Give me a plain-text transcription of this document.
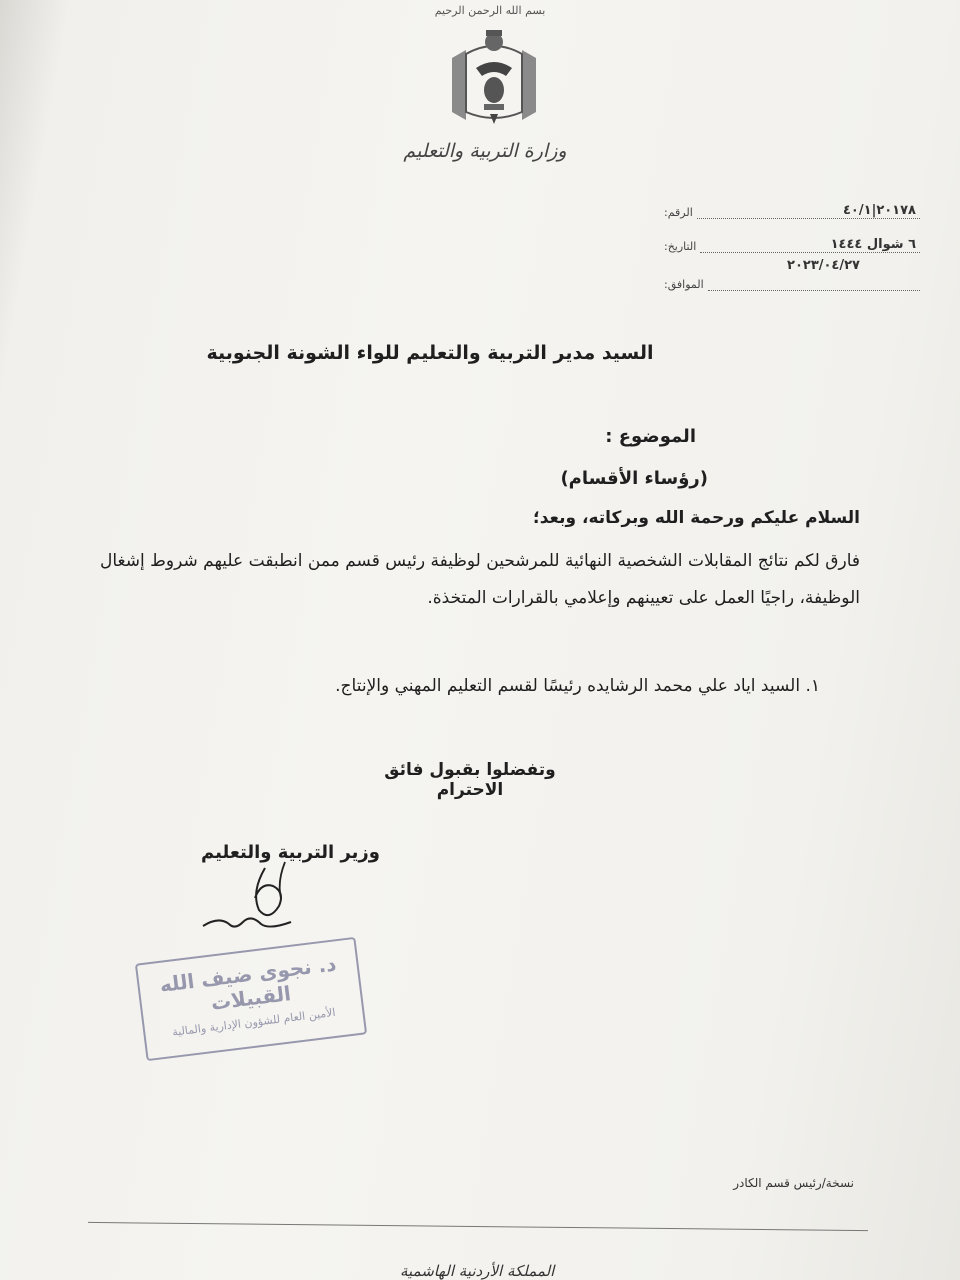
بسم الله الرحمن الرحيم
وزارة التربية والتعليم
الرقم:	٢٠١٧٨|٤٠/١
التاريخ:	٦ شوال ١٤٤٤
٢٠٢٣/٠٤/٢٧
الموافق:
السيد مدير التربية والتعليم للواء الشونة الجنوبية
الموضوع :
(رؤساء الأقسام)
السلام عليكم ورحمة الله وبركاته، وبعد؛
فارق لكم نتائج المقابلات الشخصية النهائية للمرشحين لوظيفة رئيس قسم ممن انطبقت عليهم شروط إشغال الوظيفة، راجيًا العمل على تعيينهم وإعلامي بالقرارات المتخذة.
١. السيد اياد علي محمد الرشايده رئيسًا لقسم التعليم المهني والإنتاج.
وتفضلوا بقبول فائق الاحترام
وزير التربية والتعليم
د. نجوى ضيف الله القبيلات
الأمين العام للشؤون الإدارية والمالية
نسخة/رئيس قسم الكادر
المملكة الأردنية الهاشمية
